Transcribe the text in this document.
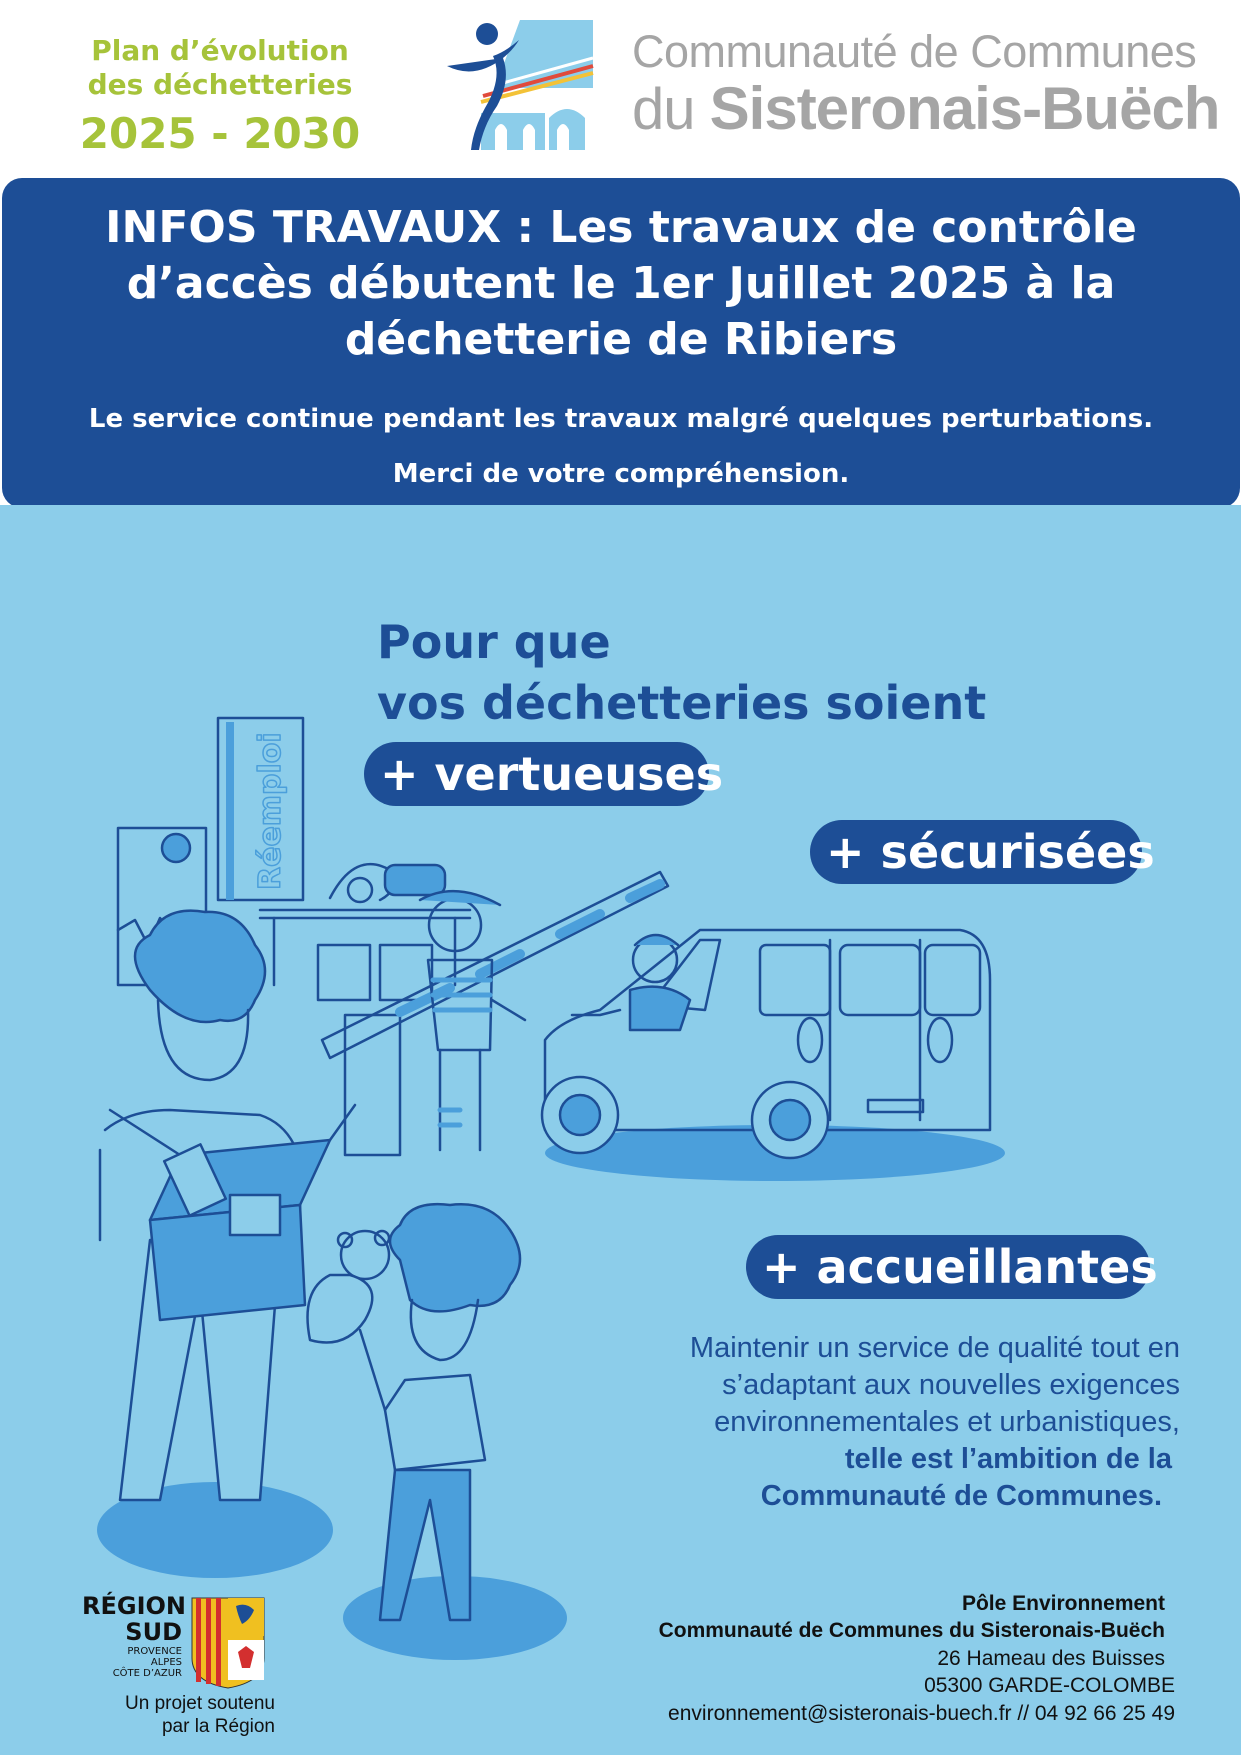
Plan d’évolution
des déchetteries
2025 - 2030
Communauté de Communes
du Sisteronais-Buëch
INFOS TRAVAUX : Les travaux de contrôle d’accès débutent le 1er Juillet 2025 à la déchetterie de Ribiers
Le service continue pendant les travaux malgré quelques perturbations.
Merci de votre compréhension.
Réemploi
Pour que
vos déchetteries soient
+ vertueuses
+ sécurisées
+ accueillantes
Maintenir un service de qualité tout en
s’adaptant aux nouvelles exigences
environnementales et urbanistiques,
telle est l’ambition de la
Communauté de Communes.
Pôle Environnement
Communauté de Communes du Sisteronais-Buëch
26 Hameau des Buisses
05300 GARDE-COLOMBE
environnement@sisteronais-buech.fr // 04 92 66 25 49
RÉGION
SUD
PROVENCE
ALPES
CÔTE D’AZUR
Un projet soutenu
par la Région
